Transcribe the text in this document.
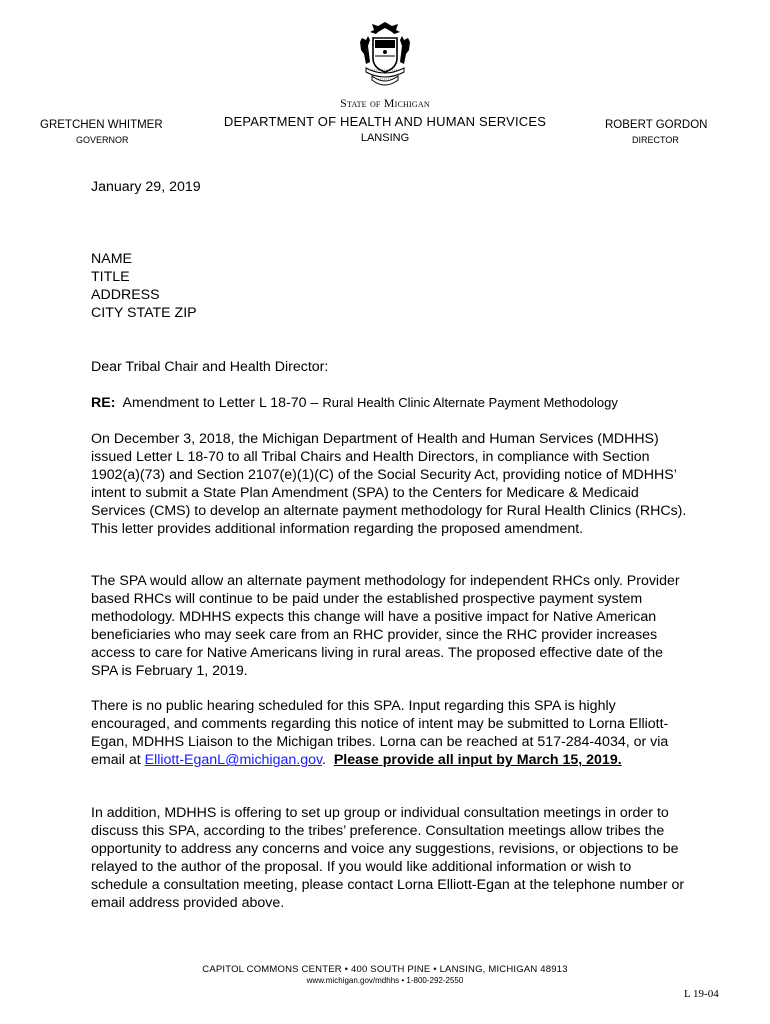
State of Michigan
GRETCHEN WHITMER
GOVERNOR
DEPARTMENT OF HEALTH AND HUMAN SERVICES
LANSING
ROBERT GORDON
DIRECTOR
January 29, 2019
NAME
TITLE
ADDRESS
CITY STATE ZIP
Dear Tribal Chair and Health Director:
RE: Amendment to Letter L 18-70 – Rural Health Clinic Alternate Payment Methodology
On December 3, 2018, the Michigan Department of Health and Human Services (MDHHS) issued Letter L 18-70 to all Tribal Chairs and Health Directors, in compliance with Section 1902(a)(73) and Section 2107(e)(1)(C) of the Social Security Act, providing notice of MDHHS’ intent to submit a State Plan Amendment (SPA) to the Centers for Medicare & Medicaid Services (CMS) to develop an alternate payment methodology for Rural Health Clinics (RHCs). This letter provides additional information regarding the proposed amendment.
The SPA would allow an alternate payment methodology for independent RHCs only. Provider based RHCs will continue to be paid under the established prospective payment system methodology. MDHHS expects this change will have a positive impact for Native American beneficiaries who may seek care from an RHC provider, since the RHC provider increases access to care for Native Americans living in rural areas. The proposed effective date of the SPA is February 1, 2019.
There is no public hearing scheduled for this SPA. Input regarding this SPA is highly encouraged, and comments regarding this notice of intent may be submitted to Lorna Elliott-Egan, MDHHS Liaison to the Michigan tribes. Lorna can be reached at 517-284-4034, or via email at Elliott-EganL@michigan.gov.  Please provide all input by March 15, 2019.
In addition, MDHHS is offering to set up group or individual consultation meetings in order to discuss this SPA, according to the tribes’ preference. Consultation meetings allow tribes the opportunity to address any concerns and voice any suggestions, revisions, or objections to be relayed to the author of the proposal. If you would like additional information or wish to schedule a consultation meeting, please contact Lorna Elliott-Egan at the telephone number or email address provided above.
CAPITOL COMMONS CENTER • 400 SOUTH PINE • LANSING, MICHIGAN 48913
www.michigan.gov/mdhhs • 1-800-292-2550
L 19-04
